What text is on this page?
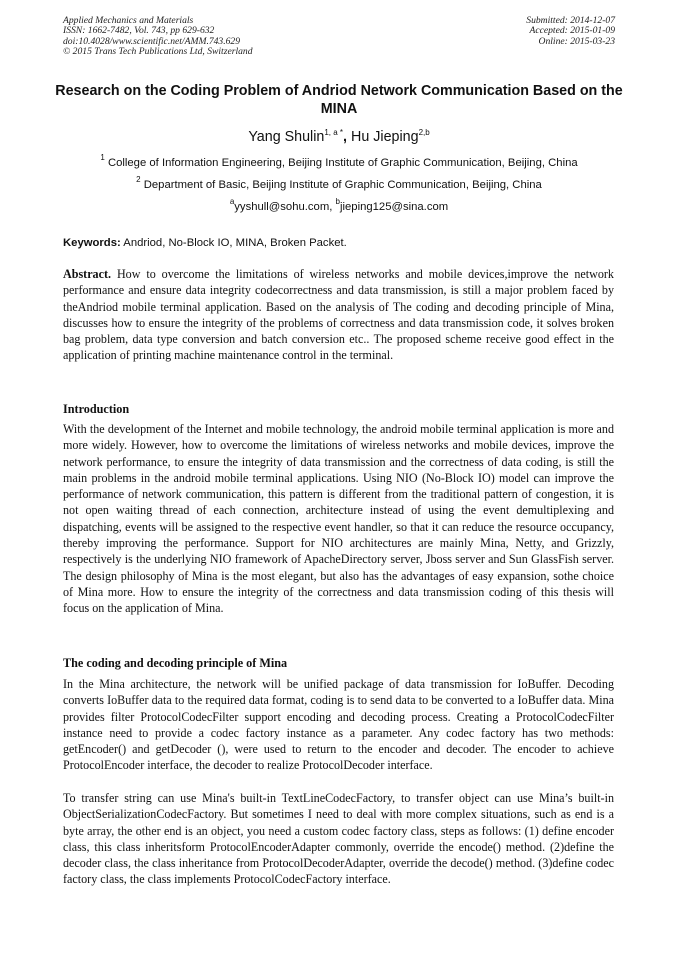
Applied Mechanics and Materials
ISSN: 1662-7482, Vol. 743, pp 629-632
doi:10.4028/www.scientific.net/AMM.743.629
© 2015 Trans Tech Publications Ltd, Switzerland
Submitted: 2014-12-07
Accepted: 2015-01-09
Online: 2015-03-23
Research on the Coding Problem of Andriod Network Communication Based on the MINA
Yang Shulin$^{1, a *}$, Hu Jieping$^{2,b}$
$^1$ College of Information Engineering, Beijing Institute of Graphic Communication, Beijing, China
$^2$ Department of Basic, Beijing Institute of Graphic Communication, Beijing, China
$^a$yyshull@sohu.com, $^b$jieping125@sina.com
Keywords: Andriod, No-Block IO, MINA, Broken Packet.
Abstract. How to overcome the limitations of wireless networks and mobile devices,improve the network performance and ensure data integrity codecorrectness and data transmission, is still a major problem faced by theAndriod mobile terminal application. Based on the analysis of The coding and decoding principle of Mina, discusses how to ensure the integrity of the problems of correctness and data transmission code, it solves broken bag problem, data type conversion and batch conversion etc.. The proposed scheme receive good effect in the application of printing machine maintenance control in the terminal.
Introduction
With the development of the Internet and mobile technology, the android mobile terminal application is more and more widely. However, how to overcome the limitations of wireless networks and mobile devices, improve the network performance, to ensure the integrity of data transmission and the correctness of data coding, is still the main problems in the android mobile terminal applications. Using NIO (No-Block IO) model can improve the performance of network communication, this pattern is different from the traditional pattern of congestion, it is not open waiting thread of each connection, architecture instead of using the event demultiplexing and dispatching, events will be assigned to the respective event handler, so that it can reduce the resource occupancy, thereby improving the performance. Support for NIO architectures are mainly Mina, Netty, and Grizzly, respectively is the underlying NIO framework of ApacheDirectory server, Jboss server and Sun GlassFish server. The design philosophy of Mina is the most elegant, but also has the advantages of easy expansion, sothe choice of Mina more. How to ensure the integrity of the correctness and data transmission coding of this thesis will focus on the application of Mina.
The coding and decoding principle of Mina
In the Mina architecture, the network will be unified package of data transmission for IoBuffer. Decoding converts IoBuffer data to the required data format, coding is to send data to be converted to a IoBuffer data. Mina provides filter ProtocolCodecFilter support encoding and decoding process. Creating a ProtocolCodecFilter instance need to provide a codec factory instance as a parameter. Any codec factory has two methods: getEncoder() and getDecoder (), were used to return to the encoder and decoder. The encoder to achieve ProtocolEncoder interface, the decoder to realize ProtocolDecoder interface.
To transfer string can use Mina's built-in TextLineCodecFactory, to transfer object can use Mina’s built-in ObjectSerializationCodecFactory. But sometimes I need to deal with more complex situations, such as end is a byte array, the other end is an object, you need a custom codec factory class, steps as follows: (1) define encoder class, this class inheritsform ProtocolEncoderAdapter commonly, override the encode() method. (2)define the decoder class, the class inheritance from ProtocolDecoderAdapter, override the decode() method. (3)define codec factory class, the class implements ProtocolCodecFactory interface.
